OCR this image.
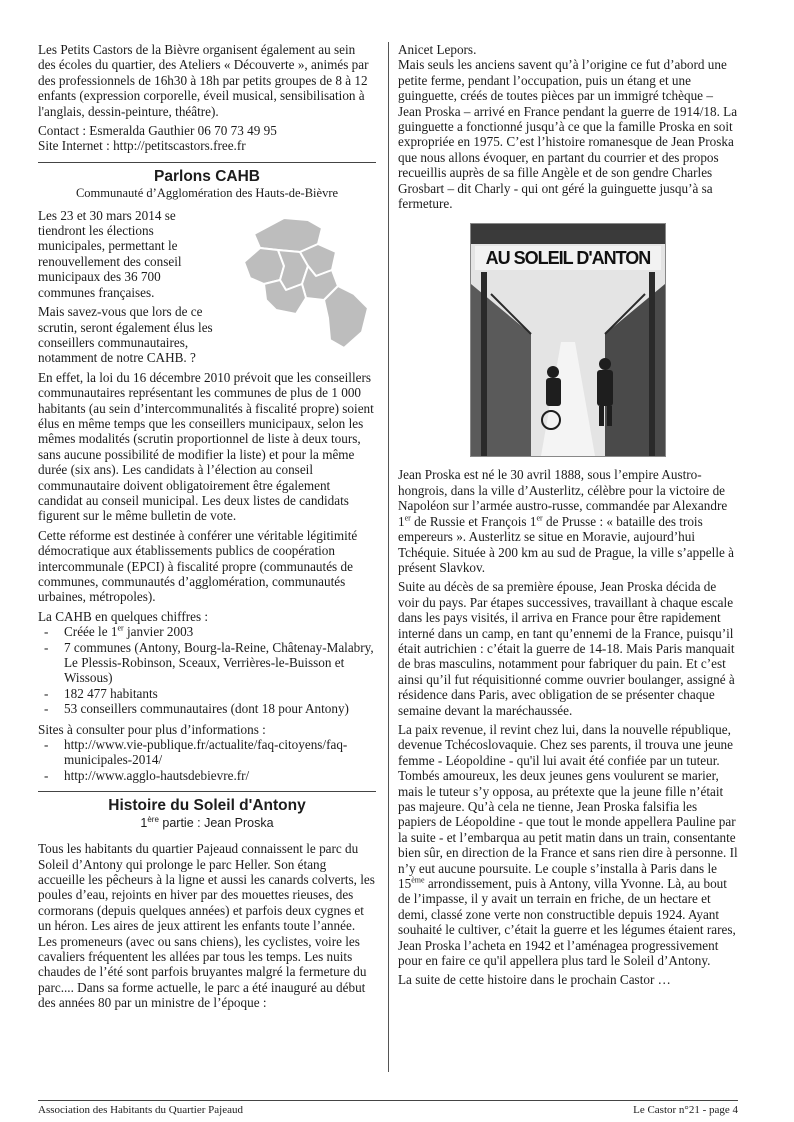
Les Petits Castors de la Bièvre organisent également au sein des écoles du quartier, des Ateliers « Découverte », animés par des professionnels de 16h30 à 18h par petits groupes de 8 à 12 enfants (expression corporelle, éveil musical, sensibilisation à l'anglais, dessin-peinture, théâtre).

Contact : Esmeralda Gauthier 06 70 73 49 95
Site Internet : http://petitscastors.free.fr
Parlons CAHB
Communauté d’Agglomération des Hauts-de-Bièvre

Les 23 et 30 mars 2014 se tiendront les élections municipales, permettant le renouvellement des conseil municipaux des 36 700 communes françaises.

Mais savez-vous que lors de ce scrutin, seront également élus les conseillers communautaires, notamment de notre CAHB. ?

En effet, la loi du 16 décembre 2010 prévoit que les conseillers communautaires représentant les communes de plus de 1 000 habitants (au sein d’intercommunalités à fiscalité propre) soient élus en même temps que les conseillers municipaux, selon les mêmes modalités (scrutin proportionnel de liste à deux tours, sans aucune possibilité de modifier la liste) et pour la même durée (six ans). Les candidats à l’élection au conseil communautaire doivent obligatoirement être également candidat au conseil municipal. Les deux listes de candidats figurent sur le même bulletin de vote.

Cette réforme est destinée à conférer une véritable légitimité démocratique aux établissements publics de coopération intercommunale (EPCI) à fiscalité propre (communautés de communes, communautés d’agglomération, communautés urbaines, métropoles).

La CAHB en quelques chiffres :
- Créée le 1er janvier 2003
- 7 communes (Antony, Bourg-la-Reine, Châtenay-Malabry, Le Plessis-Robinson, Sceaux, Verrières-le-Buisson et Wissous)
- 182 477 habitants
- 53 conseillers communautaires (dont 18 pour Antony)
Sites à consulter pour plus d’informations :
- http://www.vie-publique.fr/actualite/faq-citoyens/faq-municipales-2014/
- http://www.agglo-hautsdebievre.fr/
Histoire du Soleil d'Antony
1ère partie : Jean Proska

Tous les habitants du quartier Pajeaud connaissent le parc du Soleil d’Antony qui prolonge le parc Heller. Son étang accueille les pêcheurs à la ligne et aussi les canards colverts, les poules d’eau, rejoints en hiver par des mouettes rieuses, des cormorans (depuis quelques années) et parfois deux cygnes et un héron. Les aires de jeux attirent les enfants toute l’année. Les promeneurs (avec ou sans chiens), les cyclistes, voire les cavaliers fréquentent les allées par tous les temps. Les nuits chaudes de l’été sont parfois bruyantes malgré la fermeture du parc.... Dans sa forme actuelle, le parc a été inauguré au début des années 80 par un ministre de l’époque :

Anicet Lepors.

Mais seuls les anciens savent qu’à l’origine ce fut d’abord une petite ferme, pendant l’occupation, puis un étang et une guinguette, créés de toutes pièces par un immigré tchèque – Jean Proska – arrivé en France pendant la guerre de 1914/18. La guinguette a fonctionné jusqu’à ce que la famille Proska en soit expropriée en 1975. C’est l’histoire romanesque de Jean Proska que nous allons évoquer, en partant du courrier et des propos recueillis auprès de sa fille Angèle et de son gendre Charles Grosbart – dit Charly - qui ont géré la guinguette jusqu’à sa fermeture.

AU SOLEIL D'ANTON

Jean Proska est né le 30 avril 1888, sous l’empire Austro-hongrois, dans la ville d’Austerlitz, célèbre pour la victoire de Napoléon sur l’armée austro-russe, commandée par Alexandre 1er de Russie et François 1er de Prusse : « bataille des trois empereurs ». Austerlitz se situe en Moravie, aujourd’hui Tchéquie. Située à 200 km au sud de Prague, la ville s’appelle à présent Slavkov.

Suite au décès de sa première épouse, Jean Proska décida de voir du pays. Par étapes successives, travaillant à chaque escale dans les pays visités, il arriva en France pour être rapidement interné dans un camp, en tant qu’ennemi de la France, puisqu’il était autrichien : c’était la guerre de 14-18. Mais Paris manquait de bras masculins, notamment pour fabriquer du pain. Et c’est ainsi qu’il fut réquisitionné comme ouvrier boulanger, assigné à résidence dans Paris, avec obligation de se présenter chaque semaine devant la maréchaussée.

La paix revenue, il revint chez lui, dans la nouvelle république, devenue Tchécoslovaquie. Chez ses parents, il trouva une jeune femme - Léopoldine - qu'il lui avait été confiée par un tuteur. Tombés amoureux, les deux jeunes gens voulurent se marier, mais le tuteur s’y opposa, au prétexte que la jeune fille n’était pas majeure. Qu’à cela ne tienne, Jean Proska falsifia les papiers de Léopoldine - que tout le monde appellera Pauline par la suite - et l’embarqua au petit matin dans un train, consentante bien sûr, en direction de la France et sans rien dire à personne. Il n’y eut aucune poursuite. Le couple s’installa à Paris dans le 15ème arrondissement, puis à Antony, villa Yvonne. Là, au bout de l’impasse, il y avait un terrain en friche, de un hectare et demi, classé zone verte non constructible depuis 1924. Ayant souhaité le cultiver, c’était la guerre et les légumes étaient rares, Jean Proska l’acheta en 1942 et l’aménagea progressivement pour en faire ce qu'il appellera plus tard le Soleil d’Antony.

La suite de cette histoire dans le prochain Castor …

Association des Habitants du Quartier Pajeaud	Le Castor n°21 - page 4
